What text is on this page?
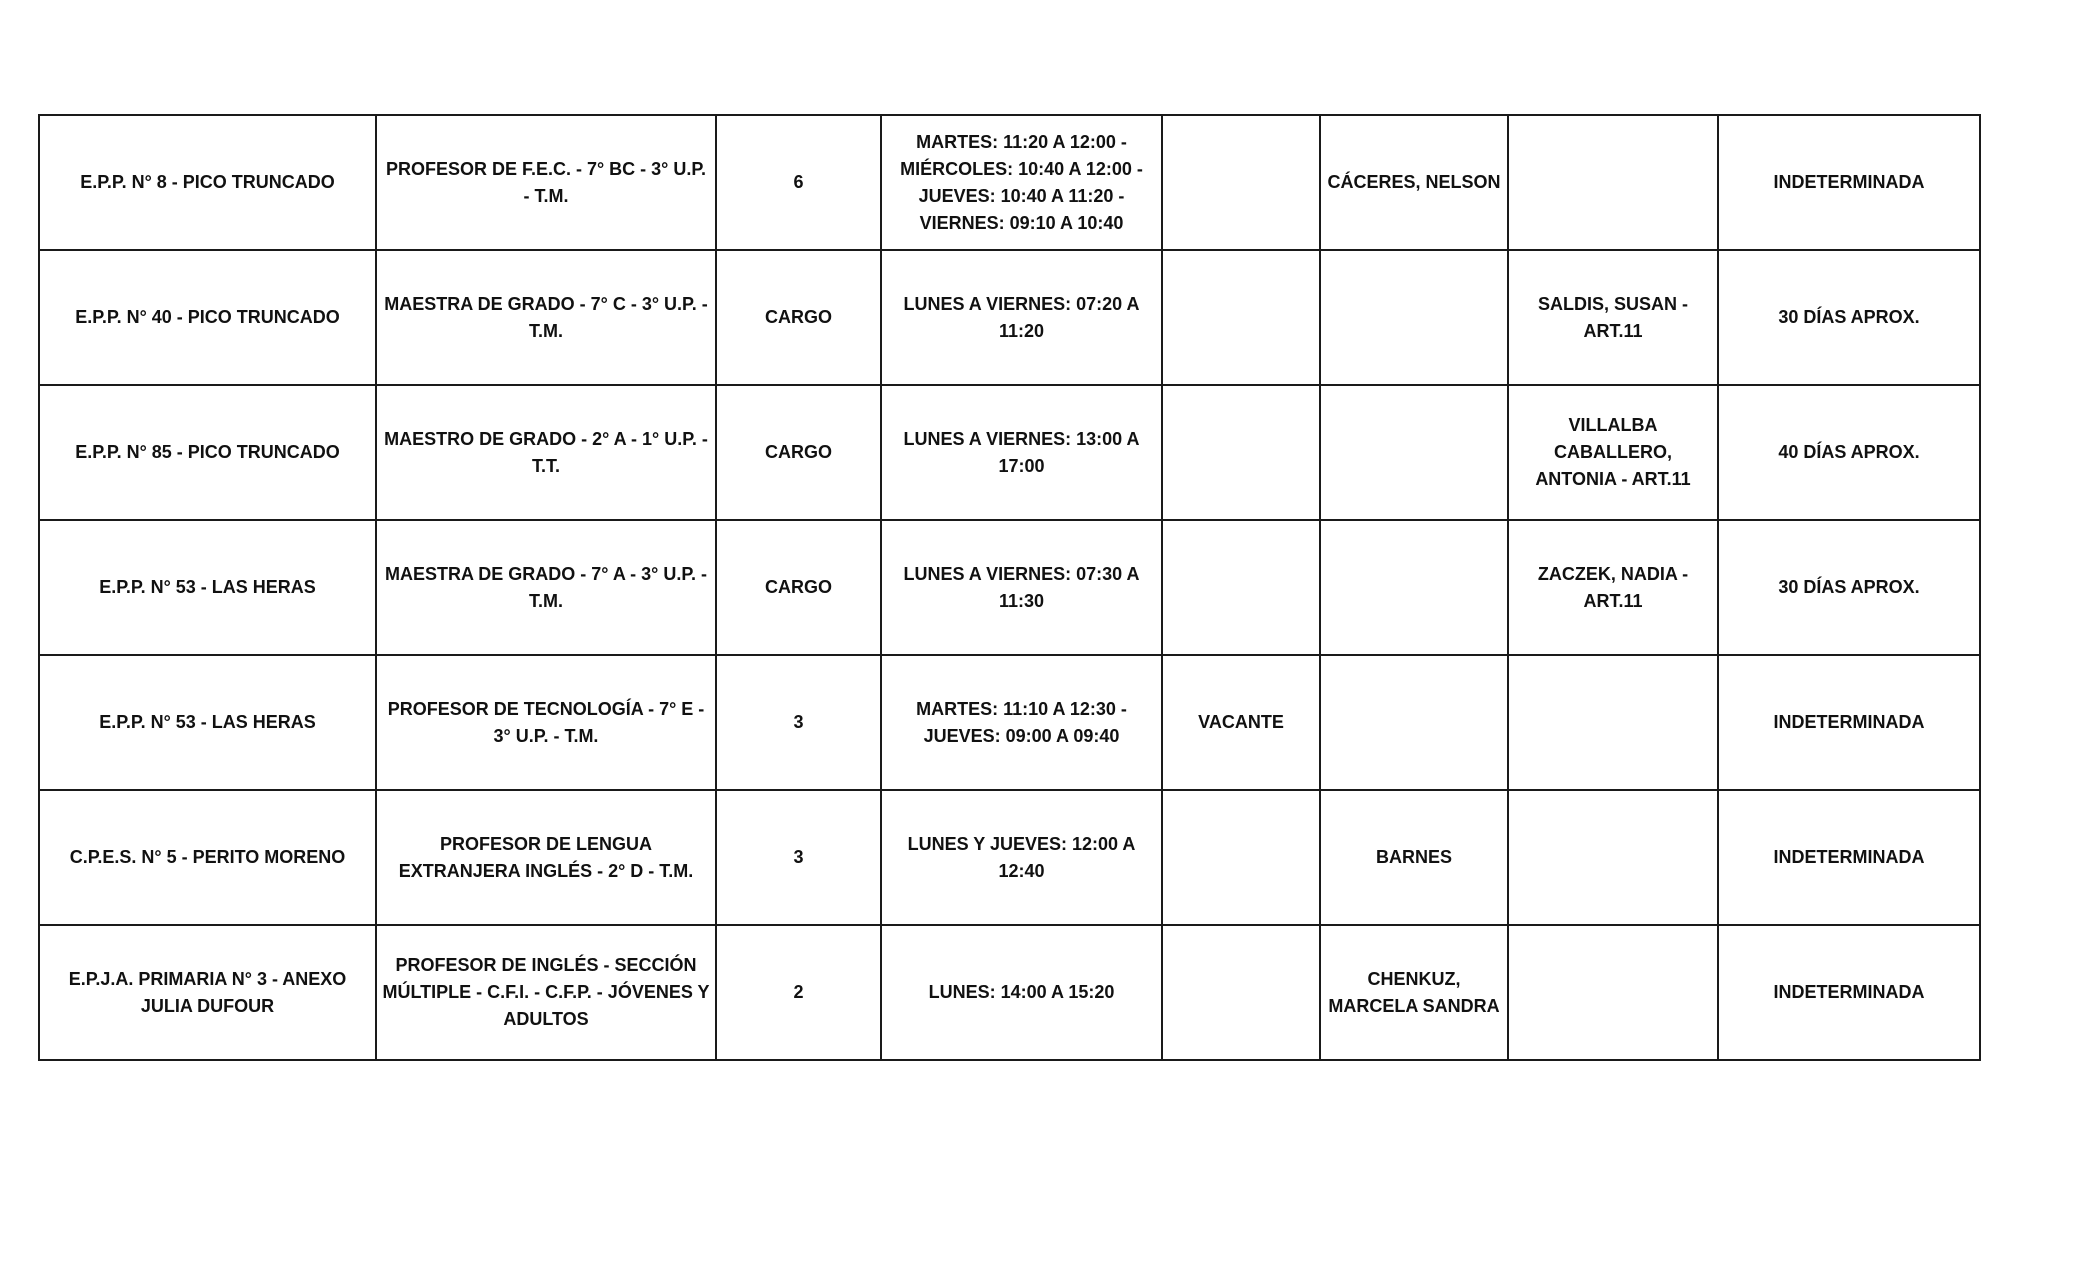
E.P.P. N° 8 - PICO TRUNCADO	PROFESOR DE F.E.C. - 7° BC - 3° U.P. - T.M.	6	MARTES: 11:20 A 12:00 - MIÉRCOLES: 10:40 A 12:00 - JUEVES: 10:40 A 11:20 - VIERNES: 09:10 A 10:40		CÁCERES, NELSON		INDETERMINADA
E.P.P. N° 40 - PICO TRUNCADO	MAESTRA DE GRADO - 7° C - 3° U.P. - T.M.	CARGO	LUNES A VIERNES: 07:20 A 11:20			SALDIS, SUSAN - ART.11	30 DÍAS APROX.
E.P.P. N° 85 - PICO TRUNCADO	MAESTRO DE GRADO - 2° A - 1° U.P. - T.T.	CARGO	LUNES A VIERNES: 13:00 A 17:00			VILLALBA CABALLERO, ANTONIA - ART.11	40 DÍAS APROX.
E.P.P. N° 53 - LAS HERAS	MAESTRA DE GRADO - 7° A - 3° U.P. - T.M.	CARGO	LUNES A VIERNES: 07:30 A 11:30			ZACZEK, NADIA - ART.11	30 DÍAS APROX.
E.P.P. N° 53 - LAS HERAS	PROFESOR DE TECNOLOGÍA - 7° E - 3° U.P. - T.M.	3	MARTES: 11:10 A 12:30 - JUEVES: 09:00 A 09:40	VACANTE			INDETERMINADA
C.P.E.S. N° 5 - PERITO MORENO	PROFESOR DE LENGUA EXTRANJERA INGLÉS - 2° D - T.M.	3	LUNES Y JUEVES: 12:00 A 12:40		BARNES		INDETERMINADA
E.P.J.A. PRIMARIA N° 3 - ANEXO JULIA DUFOUR	PROFESOR DE INGLÉS - SECCIÓN MÚLTIPLE - C.F.I. - C.F.P. - JÓVENES Y ADULTOS	2	LUNES: 14:00 A 15:20		CHENKUZ, MARCELA SANDRA		INDETERMINADA
